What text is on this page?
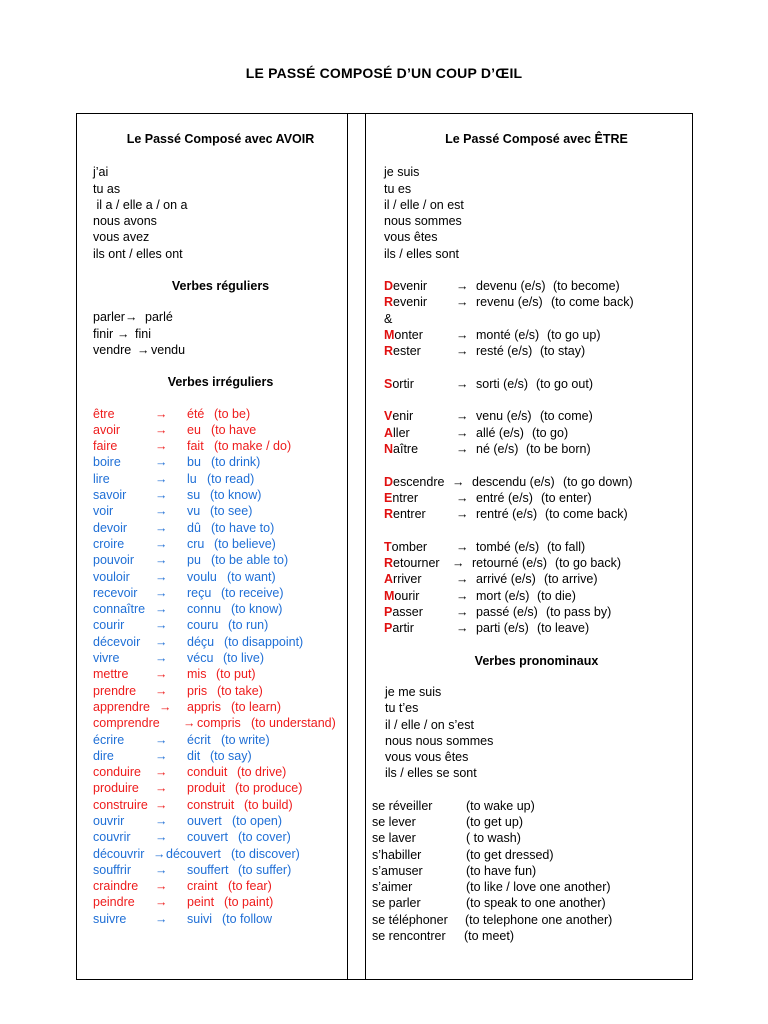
LE PASSÉ COMPOSÉ D’UN COUP D’ŒIL
Le Passé Composé avec AVOIR
j’ai
tu as
il a / elle a / on a
nous avons
vous avez
ils ont / elles ont
Verbes réguliers
parler → parlé
finir → fini
vendre → vendu
Verbes irréguliers
être	→ été (to be)
avoir	→ eu (to have
faire	→ fait (to make / do)
boire	→ bu (to drink)
lire	→ lu (to read)
savoir → su (to know)
voir	→ vu (to see)
devoir → dû (to have to)
croire → cru (to believe)
pouvoir → pu (to be able to)
vouloir → voulu (to want)
recevoir → reçu (to receive)
connaître → connu (to know)
courir → couru (to run)
décevoir → déçu (to disappoint)
vivre	→ vécu (to live)
mettre → mis (to put)
prendre → pris (to take)
apprendre → appris (to learn)
comprendre → compris (to understand)
écrire → écrit (to write)
dire	→ dit (to say)
conduire → conduit (to drive)
produire → produit (to produce)
construire → construit (to build)
ouvrir → ouvert (to open)
couvrir → couvert (to cover)
découvrir → découvert (to discover)
souffrir → souffert (to suffer)
craindre → craint (to fear)
peindre → peint (to paint)
suivre → suivi (to follow
Le Passé Composé avec ÊTRE
je suis
tu es
il / elle / on est
nous sommes
vous êtes
ils / elles sont
Devenir → devenu (e/s) (to become)
Revenir → revenu (e/s) (to come back)
&
Monter	→ monté (e/s) (to go up)
Rester	→ resté (e/s) (to stay)
Sortir	→ sorti (e/s) (to go out)
Venir	→ venu (e/s) (to come)
Aller	→ allé (e/s) (to go)
Naître	→ né (e/s) (to be born)
Descendre → descendu (e/s) (to go down)
Entrer	→ entré (e/s) (to enter)
Rentrer → rentré (e/s) (to come back)
Tomber → tombé (e/s) (to fall)
Retourner → retourné (e/s) (to go back)
Arriver	→ arrivé (e/s) (to arrive)
Mourir	→ mort (e/s) (to die)
Passer	→ passé (e/s) (to pass by)
Partir	→ parti (e/s) (to leave)
Verbes pronominaux
je me suis
tu t’es
il / elle / on s’est
nous nous sommes
vous vous êtes
ils / elles se sont
se réveiller	(to wake up)
se lever	(to get up)
se laver	( to wash)
s’habiller	(to get dressed)
s’amuser	(to have fun)
s’aimer	(to like / love one another)
se parler	(to speak to one another)
se téléphoner (to telephone one another)
se rencontrer (to meet)
